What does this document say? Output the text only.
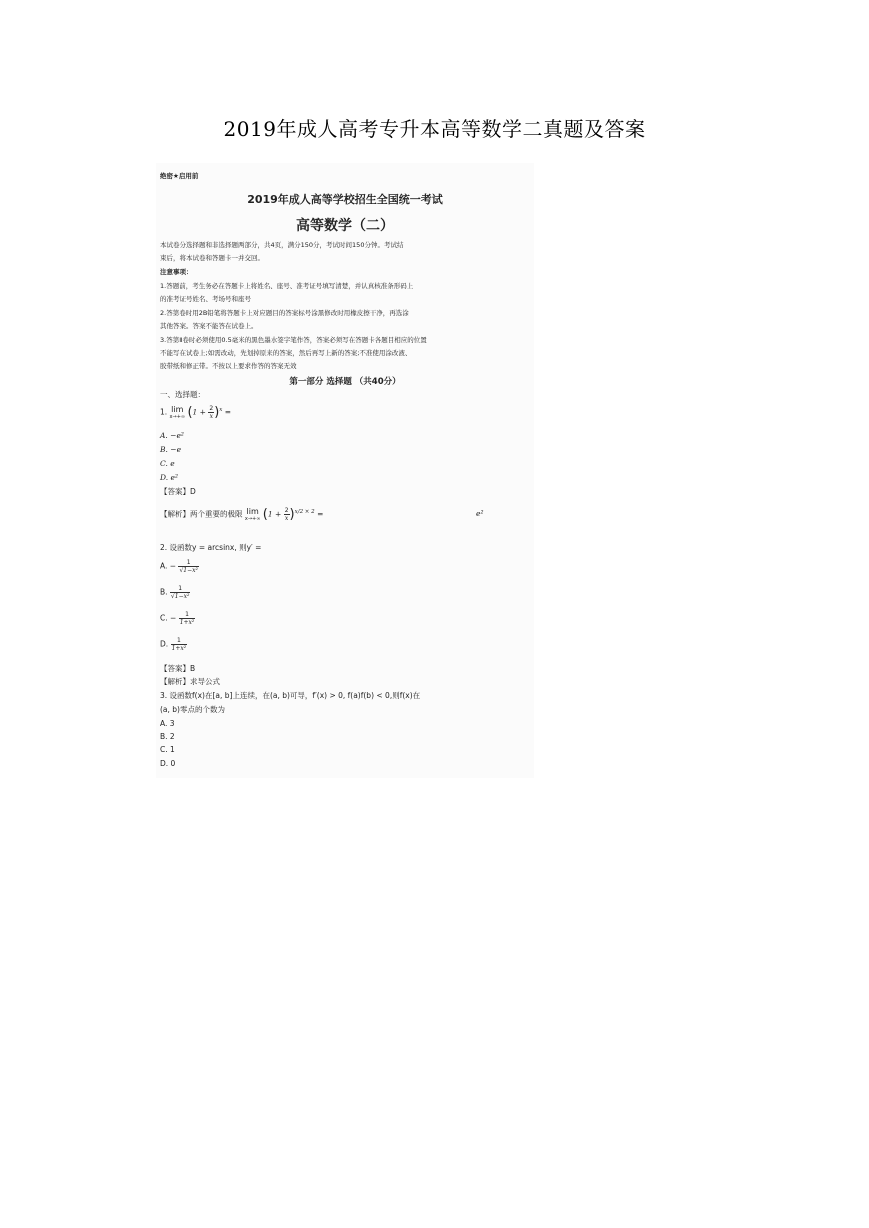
2019年成人高考专升本高等数学二真题及答案
绝密★启用前
2019年成人高等学校招生全国统一考试
高等数学（二）
本试卷分选择题和非选择题两部分，共4页，满分150分，考试时间150分钟。考试结
束后，将本试卷和答题卡一并交回。
注意事项：
1.答题前，考生务必在答题卡上将姓名、座号、准考证号填写清楚，并认真核准条形码上
的准考证号姓名、考场号和座号
2.答第卷时用2B铅笔将答题卡上对应题目的答案标号涂黑修改时用橡皮擦干净，再选涂
其他答案。答案不能答在试卷上。
3.答第Ⅱ卷时必须使用0.5毫米的黑色墨水签字笔作答，答案必须写在答题卡各题目相应的位置
不能写在试卷上;如需改动，先划掉原来的答案，然后再写上新的答案;不准使用涂改液、
胶带纸和修正带。不按以上要求作答的答案无效
第一部分 选择题 （共40分）
一、选择题：
1. lim
x→+∞ $(1 + \frac{2}{x} )^x$ =
A. −e²
B. −e
C. e
D. e²
【答案】D
【解析】两个重要的极限 lim
x→+∞ $(1 + \frac{2}{x} )^{x/2 \times 2}$ =	e²
2. 设函数y = arcsinx, 则y′ =
A. − $\frac{1}{\text{√1−x²}}$
B. $\frac{1}{\text{√1−x²}}$
C. − $\frac{1}{\text{1+x²}}$
D. $\frac{1}{\text{1+x²}}$
【答案】B
【解析】求导公式
3. 设函数f(x)在[a, b]上连续，在(a, b)可导，f′(x) > 0, f(a)f(b) < 0,则f(x)在
(a, b)零点的个数为
A. 3
B. 2
C. 1
D. 0
